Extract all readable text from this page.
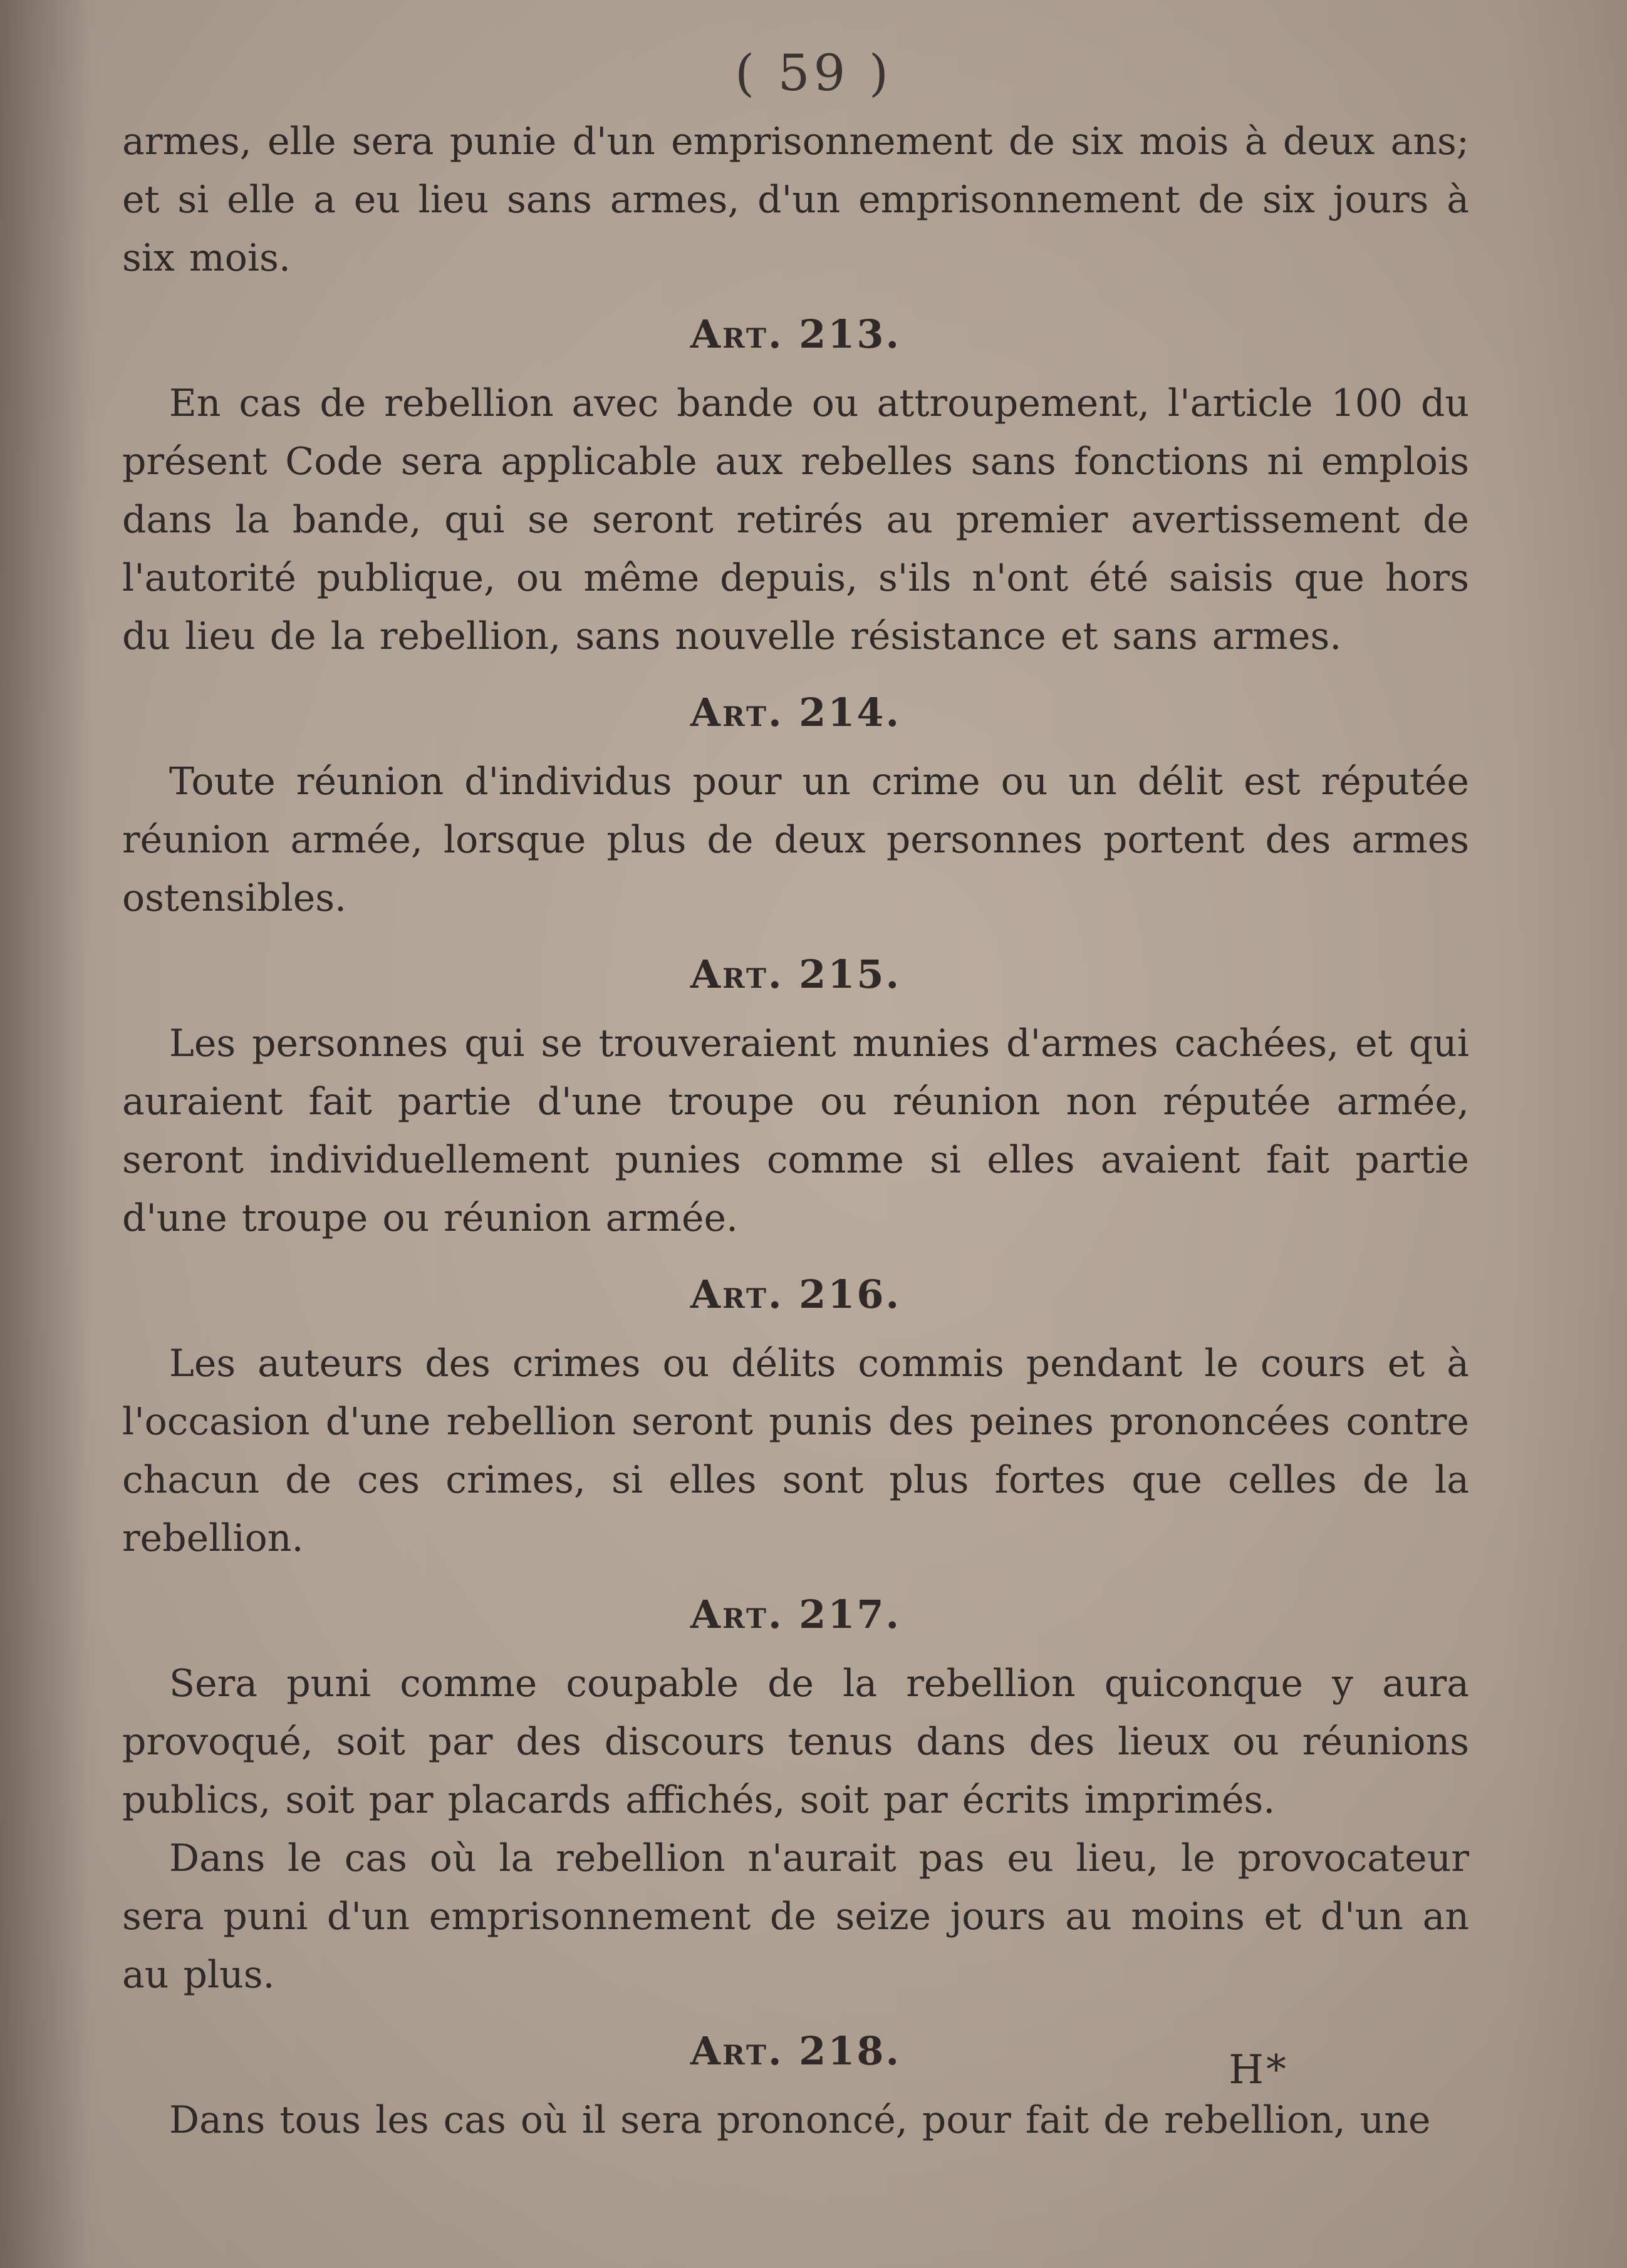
( 59 )

armes, elle sera punie d'un emprisonnement de six mois à deux ans; et si elle a eu lieu sans armes, d'un emprisonnement de six jours à six mois.

Art. 213.

En cas de rebellion avec bande ou attroupement, l'article 100 du présent Code sera applicable aux rebelles sans fonctions ni emplois dans la bande, qui se seront retirés au premier avertissement de l'autorité publique, ou même depuis, s'ils n'ont été saisis que hors du lieu de la rebellion, sans nouvelle résistance et sans armes.

Art. 214.

Toute réunion d'individus pour un crime ou un délit est réputée réunion armée, lorsque plus de deux personnes portent des armes ostensibles.

Art. 215.

Les personnes qui se trouveraient munies d'armes cachées, et qui auraient fait partie d'une troupe ou réunion non réputée armée, seront individuellement punies comme si elles avaient fait partie d'une troupe ou réunion armée.

Art. 216.

Les auteurs des crimes ou délits commis pendant le cours et à l'occasion d'une rebellion seront punis des peines prononcées contre chacun de ces crimes, si elles sont plus fortes que celles de la rebellion.

Art. 217.

Sera puni comme coupable de la rebellion quiconque y aura provoqué, soit par des discours tenus dans des lieux ou réunions publics, soit par placards affichés, soit par écrits imprimés.

Dans le cas où la rebellion n'aurait pas eu lieu, le provocateur sera puni d'un emprisonnement de seize jours au moins et d'un an au plus.

Art. 218.

Dans tous les cas où il sera prononcé, pour fait de rebellion, une

H*
